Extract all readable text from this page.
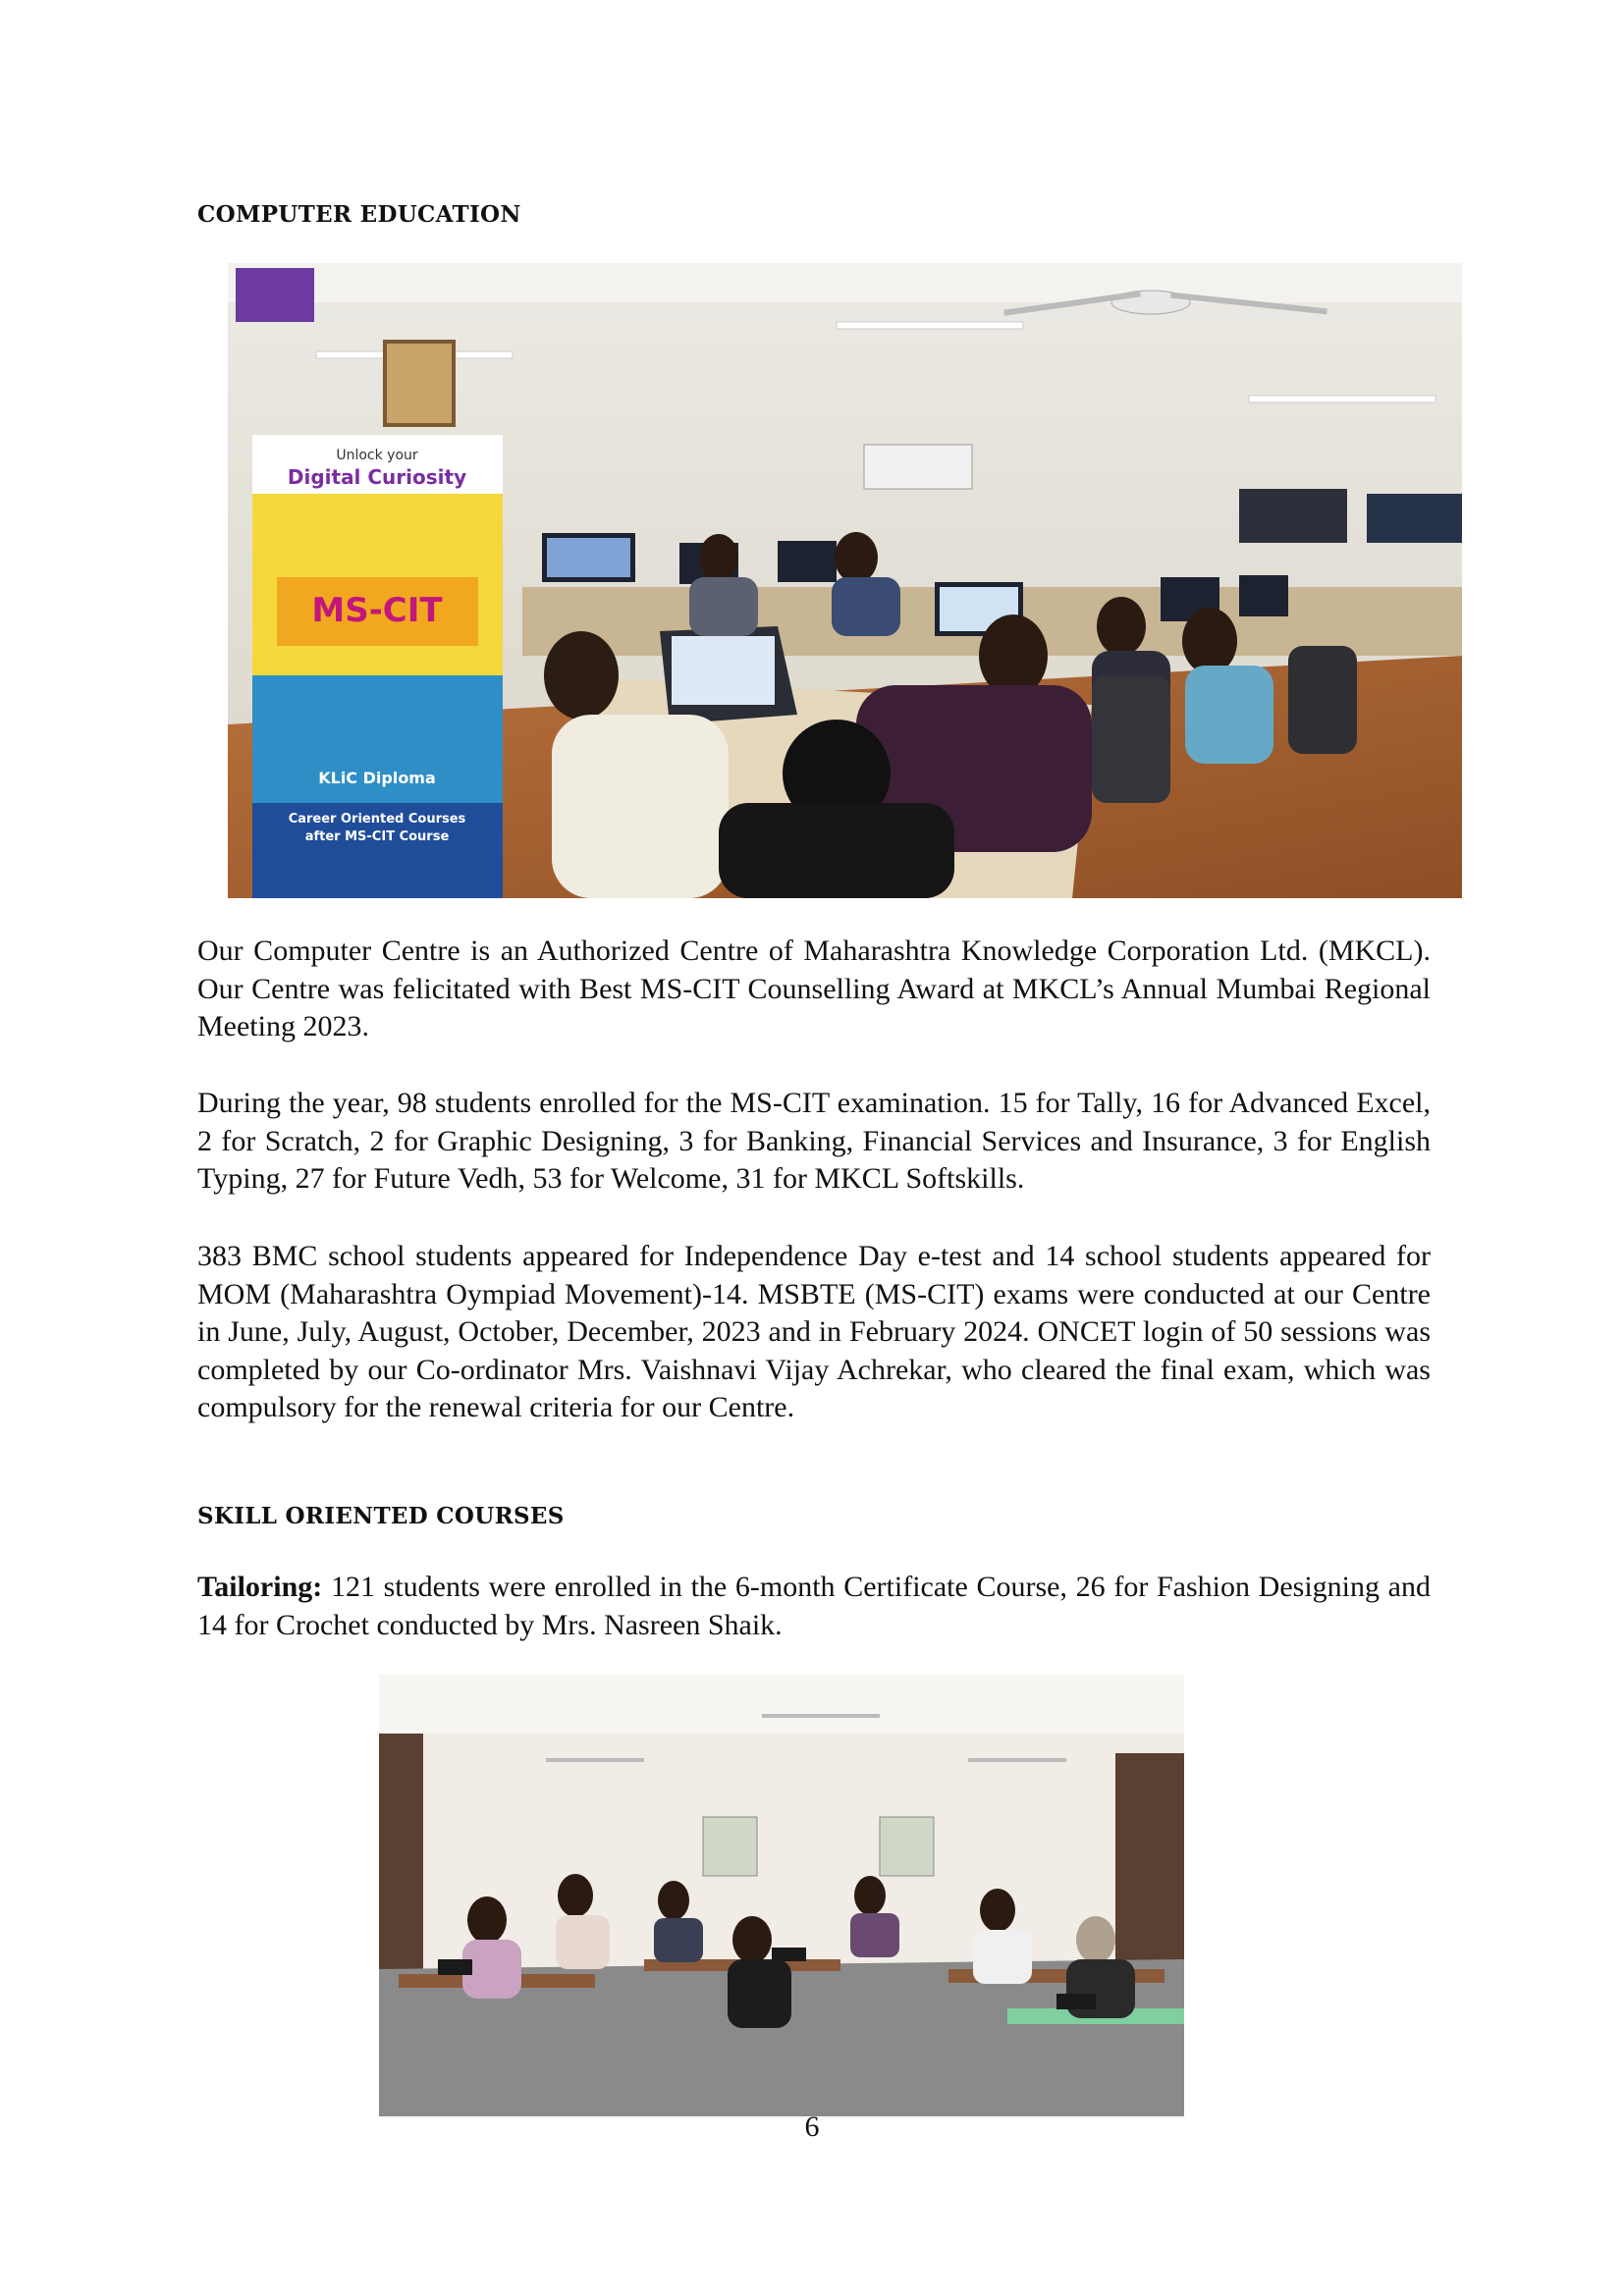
COMPUTER EDUCATION
Unlock your
Digital Curiosity
MS-CIT
KLiC Diploma
Career Oriented Courses
after MS-CIT Course

Our Computer Centre is an Authorized Centre of Maharashtra Knowledge Corporation Ltd. (MKCL). Our Centre was felicitated with Best MS-CIT Counselling Award at MKCL’s Annual Mumbai Regional Meeting 2023.

During the year, 98 students enrolled for the MS-CIT examination. 15 for Tally, 16 for Advanced Excel, 2 for Scratch, 2 for Graphic Designing, 3 for Banking, Financial Services and Insurance, 3 for English Typing, 27 for Future Vedh, 53 for Welcome, 31 for MKCL Softskills.

383 BMC school students appeared for Independence Day e-test and 14 school students appeared for MOM (Maharashtra Oympiad Movement)-14. MSBTE (MS-CIT) exams were conducted at our Centre in June, July, August, October, December, 2023 and in February 2024. ONCET login of 50 sessions was completed by our Co-ordinator Mrs. Vaishnavi Vijay Achrekar, who cleared the final exam, which was compulsory for the renewal criteria for our Centre.

SKILL ORIENTED COURSES

Tailoring: 121 students were enrolled in the 6-month Certificate Course, 26 for Fashion Designing and 14 for Crochet conducted by Mrs. Nasreen Shaik.

6
